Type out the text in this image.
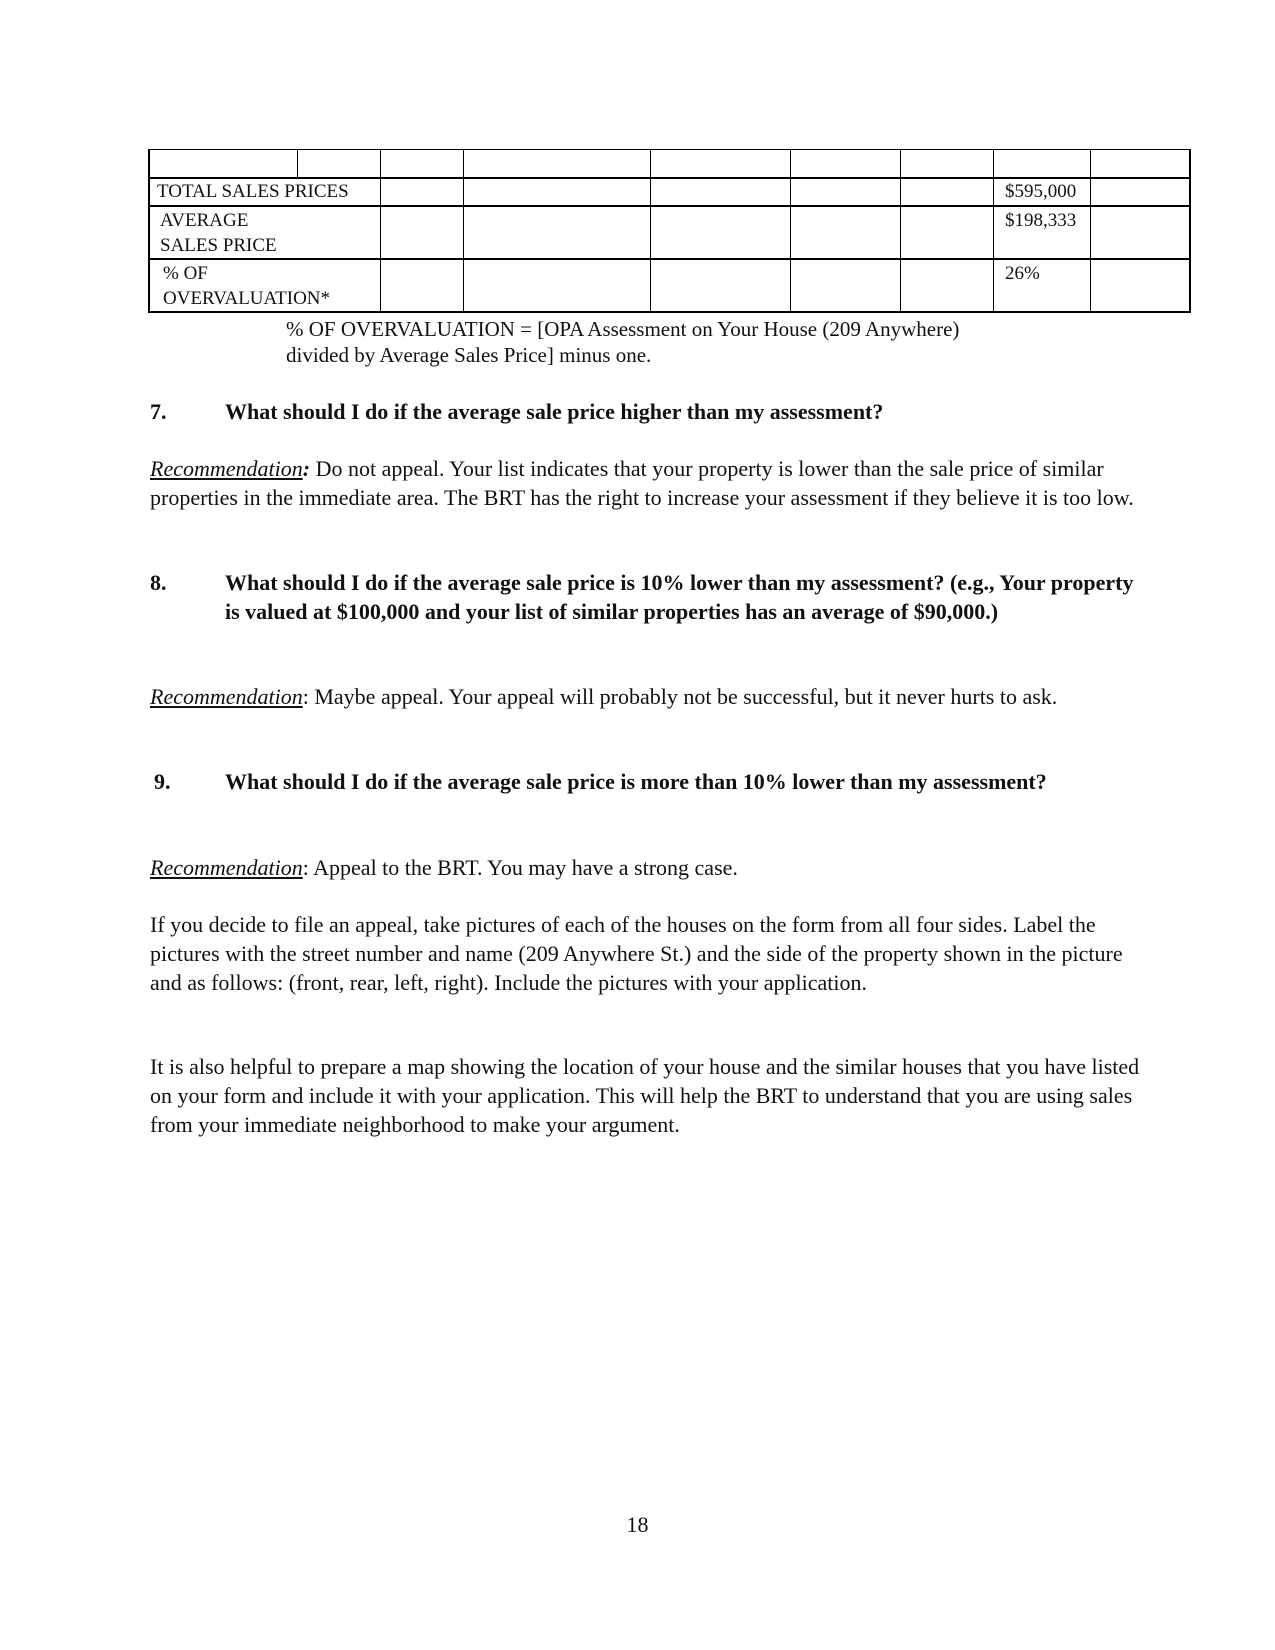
TOTAL SALES PRICES
AVERAGE
SALES PRICE
% OF
OVERVALUATION*
$595,000
$198,333
26%
% OF OVERVALUATION = [OPA Assessment on Your House (209 Anywhere)
divided by Average Sales Price] minus one.
7.	What should I do if the average sale price higher than my assessment?
Recommendation: Do not appeal. Your list indicates that your property is lower than the sale price of similar properties in the immediate area. The BRT has the right to increase your assessment if they believe it is too low.
8.	What should I do if the average sale price is 10% lower than my assessment? (e.g., Your property is valued at $100,000 and your list of similar properties has an average of $90,000.)
Recommendation: Maybe appeal. Your appeal will probably not be successful, but it never hurts to ask.
9. What should I do if the average sale price is more than 10% lower than my assessment?
Recommendation: Appeal to the BRT. You may have a strong case.
If you decide to file an appeal, take pictures of each of the houses on the form from all four sides. Label the pictures with the street number and name (209 Anywhere St.) and the side of the property shown in the picture and as follows: (front, rear, left, right). Include the pictures with your application.
It is also helpful to prepare a map showing the location of your house and the similar houses that you have listed on your form and include it with your application. This will help the BRT to understand that you are using sales from your immediate neighborhood to make your argument.
18
